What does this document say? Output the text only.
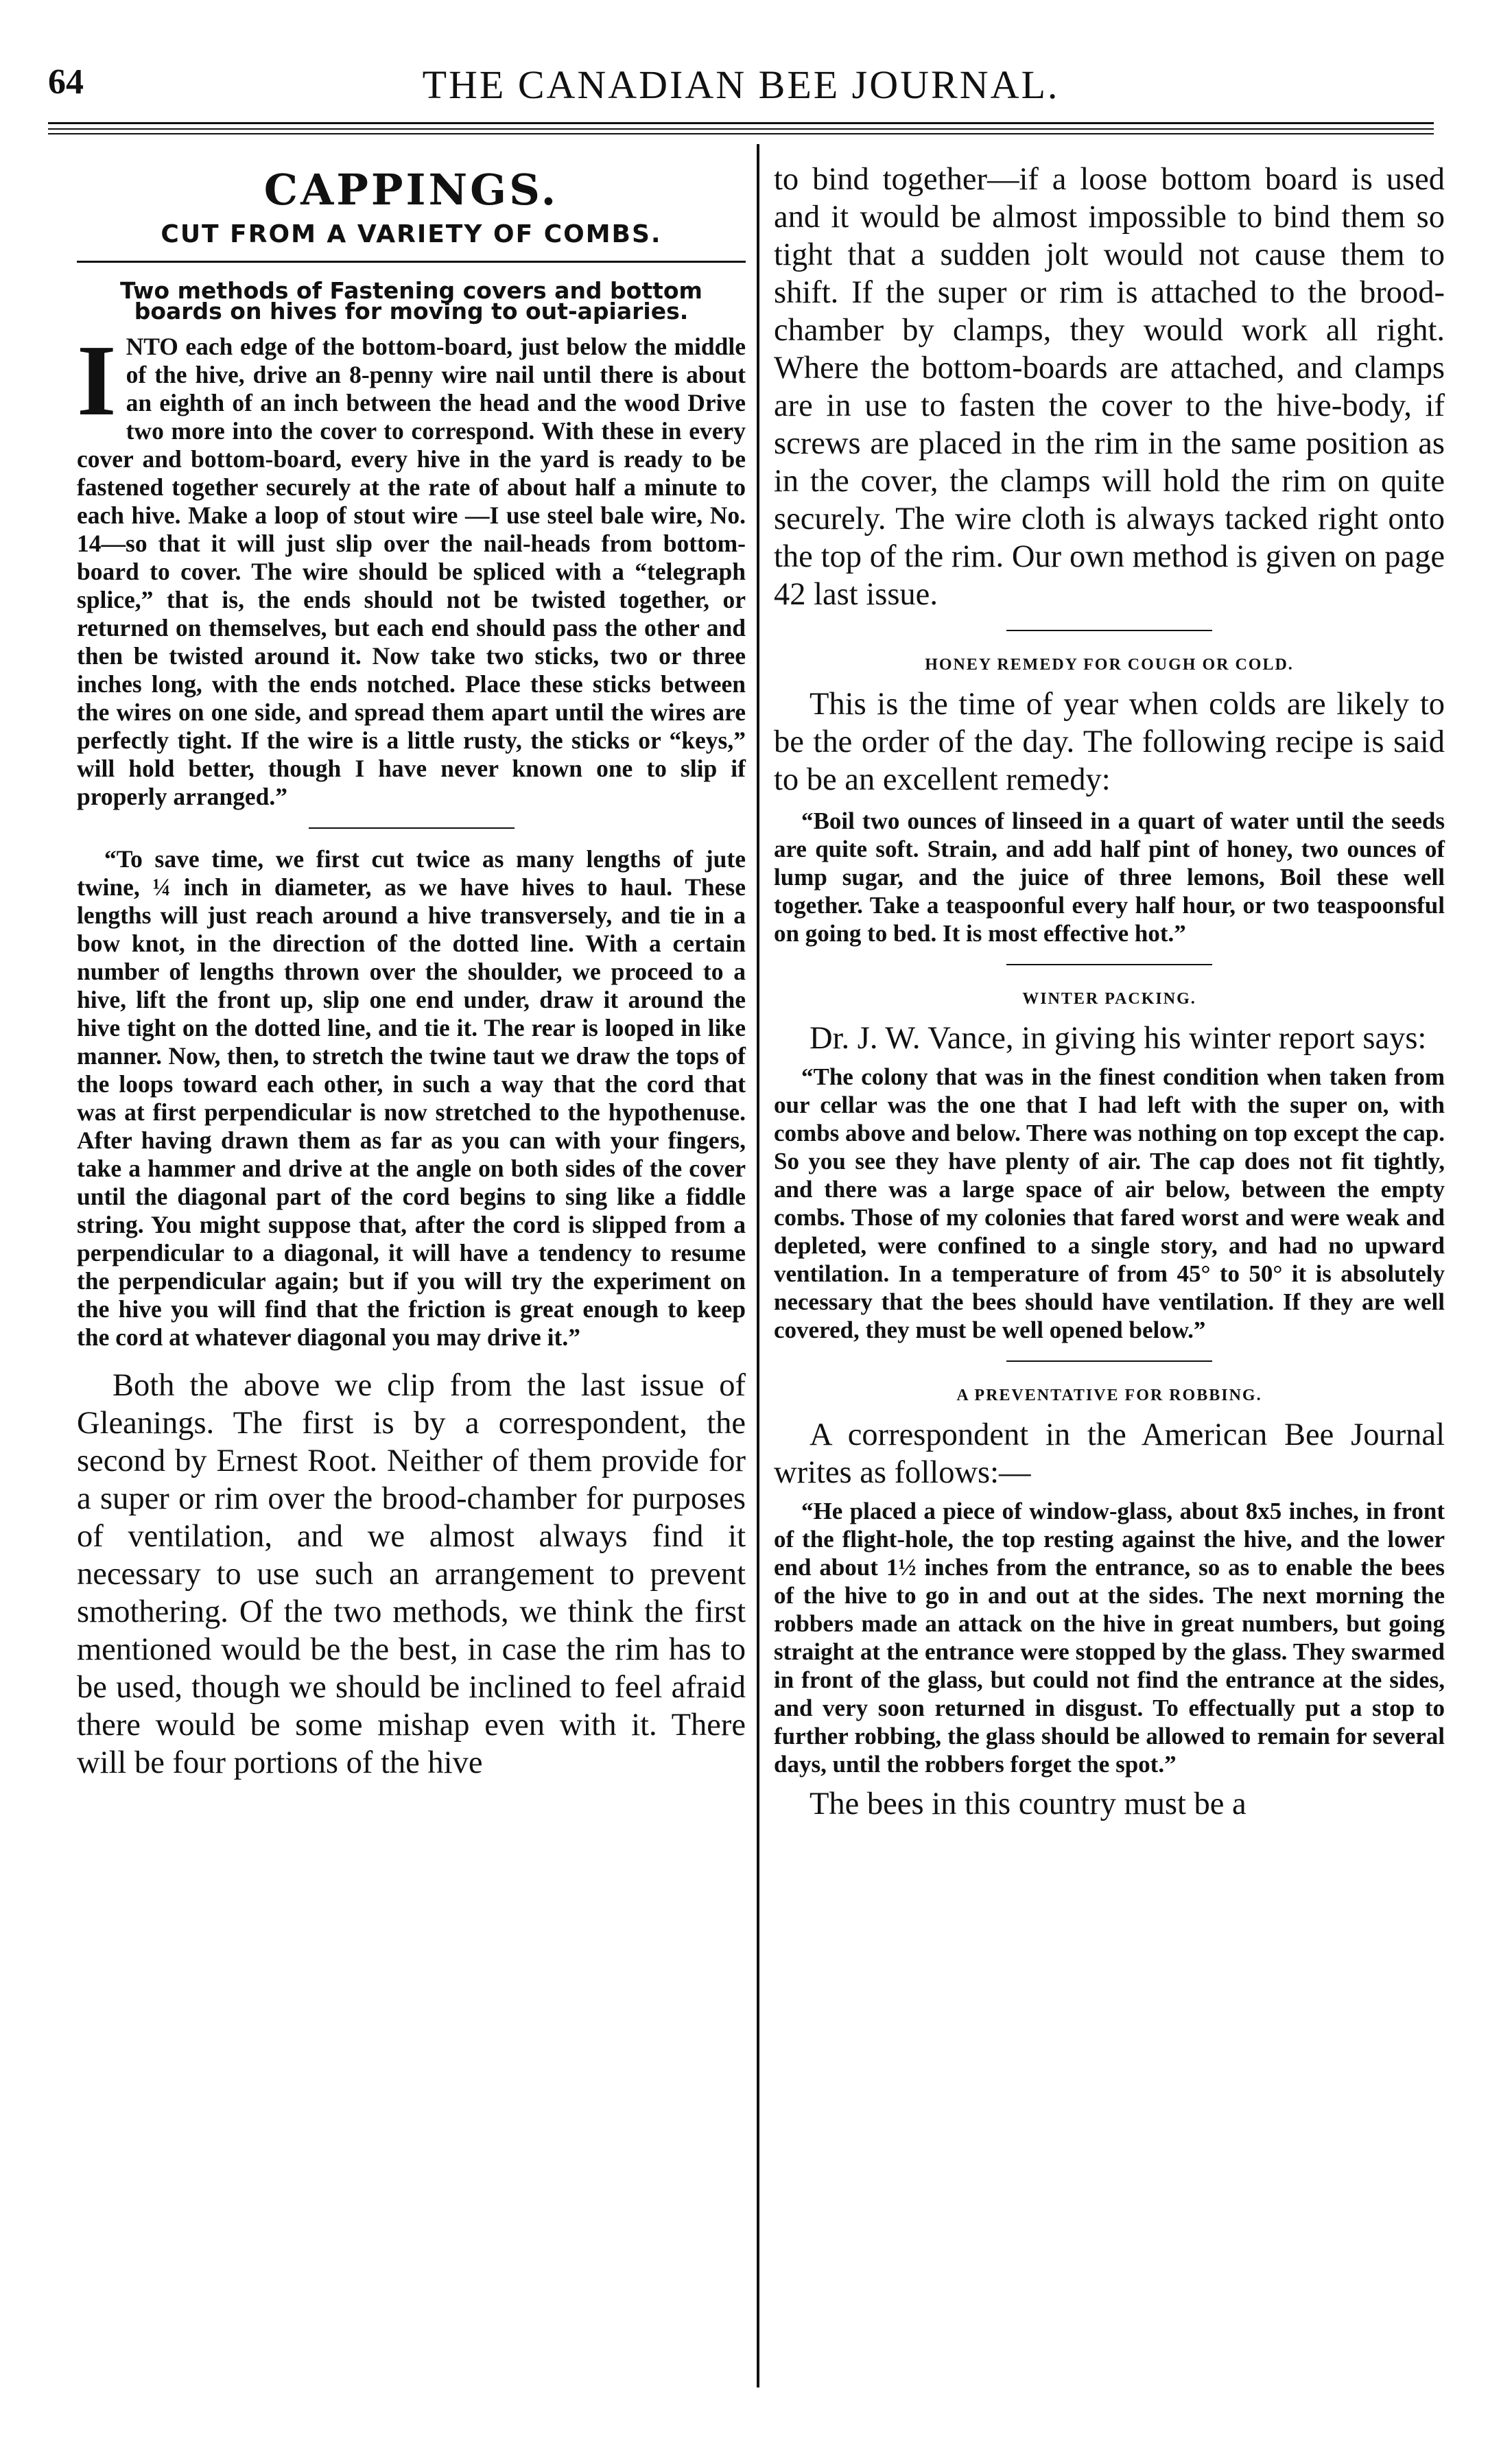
64	THE CANADIAN BEE JOURNAL.
CAPPINGS.
CUT FROM A VARIETY OF COMBS.
Two methods of Fastening covers and bottom boards on hives for moving to out-apiaries.
I NTO each edge of the bottom-board, just below the middle of the hive, drive an 8-penny wire nail until there is about an eighth of an inch between the head and the wood Drive two more into the cover to correspond. With these in every cover and bottom-board, every hive in the yard is ready to be fastened together securely at the rate of about half a minute to each hive. Make a loop of stout wire —I use steel bale wire, No. 14—so that it will just slip over the nail-heads from bottom-board to cover. The wire should be spliced with a “telegraph splice,” that is, the ends should not be twisted together, or returned on themselves, but each end should pass the other and then be twisted around it. Now take two sticks, two or three inches long, with the ends notched. Place these sticks between the wires on one side, and spread them apart until the wires are perfectly tight. If the wire is a little rusty, the sticks or “keys,” will hold better, though I have never known one to slip if properly arranged.”

“To save time, we first cut twice as many lengths of jute twine, ¼ inch in diameter, as we have hives to haul. These lengths will just reach around a hive transversely, and tie in a bow knot, in the direction of the dotted line. With a certain number of lengths thrown over the shoulder, we proceed to a hive, lift the front up, slip one end under, draw it around the hive tight on the dotted line, and tie it. The rear is looped in like manner. Now, then, to stretch the twine taut we draw the tops of the loops toward each other, in such a way that the cord that was at first perpendicular is now stretched to the hypothenuse. After having drawn them as far as you can with your fingers, take a hammer and drive at the angle on both sides of the cover until the diagonal part of the cord begins to sing like a fiddle string. You might suppose that, after the cord is slipped from a perpendicular to a diagonal, it will have a tendency to resume the perpendicular again; but if you will try the experiment on the hive you will find that the friction is great enough to keep the cord at whatever diagonal you may drive it.”

Both the above we clip from the last issue of Gleanings. The first is by a correspondent, the second by Ernest Root. Neither of them provide for a super or rim over the brood-chamber for purposes of ventilation, and we almost always find it necessary to use such an arrangement to prevent smothering. Of the two methods, we think the first mentioned would be the best, in case the rim has to be used, though we should be inclined to feel afraid there would be some mishap even with it. There will be four portions of the hive

to bind together—if a loose bottom board is used and it would be almost impossible to bind them so tight that a sudden jolt would not cause them to shift. If the super or rim is attached to the brood-chamber by clamps, they would work all right. Where the bottom-boards are attached, and clamps are in use to fasten the cover to the hive-body, if screws are placed in the rim in the same position as in the cover, the clamps will hold the rim on quite securely. The wire cloth is always tacked right onto the top of the rim. Our own method is given on page 42 last issue.

HONEY REMEDY FOR COUGH OR COLD.

This is the time of year when colds are likely to be the order of the day. The following recipe is said to be an excellent remedy:

“Boil two ounces of linseed in a quart of water until the seeds are quite soft. Strain, and add half pint of honey, two ounces of lump sugar, and the juice of three lemons, Boil these well together. Take a teaspoonful every half hour, or two teaspoonsful on going to bed. It is most effective hot.”

WINTER PACKING.

Dr. J. W. Vance, in giving his winter report says:

“The colony that was in the finest condition when taken from our cellar was the one that I had left with the super on, with combs above and below. There was nothing on top except the cap. So you see they have plenty of air. The cap does not fit tightly, and there was a large space of air below, between the empty combs. Those of my colonies that fared worst and were weak and depleted, were confined to a single story, and had no upward ventilation. In a temperature of from 45° to 50° it is absolutely necessary that the bees should have ventilation. If they are well covered, they must be well opened below.”

A PREVENTATIVE FOR ROBBING.

A correspondent in the American Bee Journal writes as follows:—

“He placed a piece of window-glass, about 8x5 inches, in front of the flight-hole, the top resting against the hive, and the lower end about 1½ inches from the entrance, so as to enable the bees of the hive to go in and out at the sides. The next morning the robbers made an attack on the hive in great numbers, but going straight at the entrance were stopped by the glass. They swarmed in front of the glass, but could not find the entrance at the sides, and very soon returned in disgust. To effectually put a stop to further robbing, the glass should be allowed to remain for several days, until the robbers forget the spot.”

The bees in this country must be a
